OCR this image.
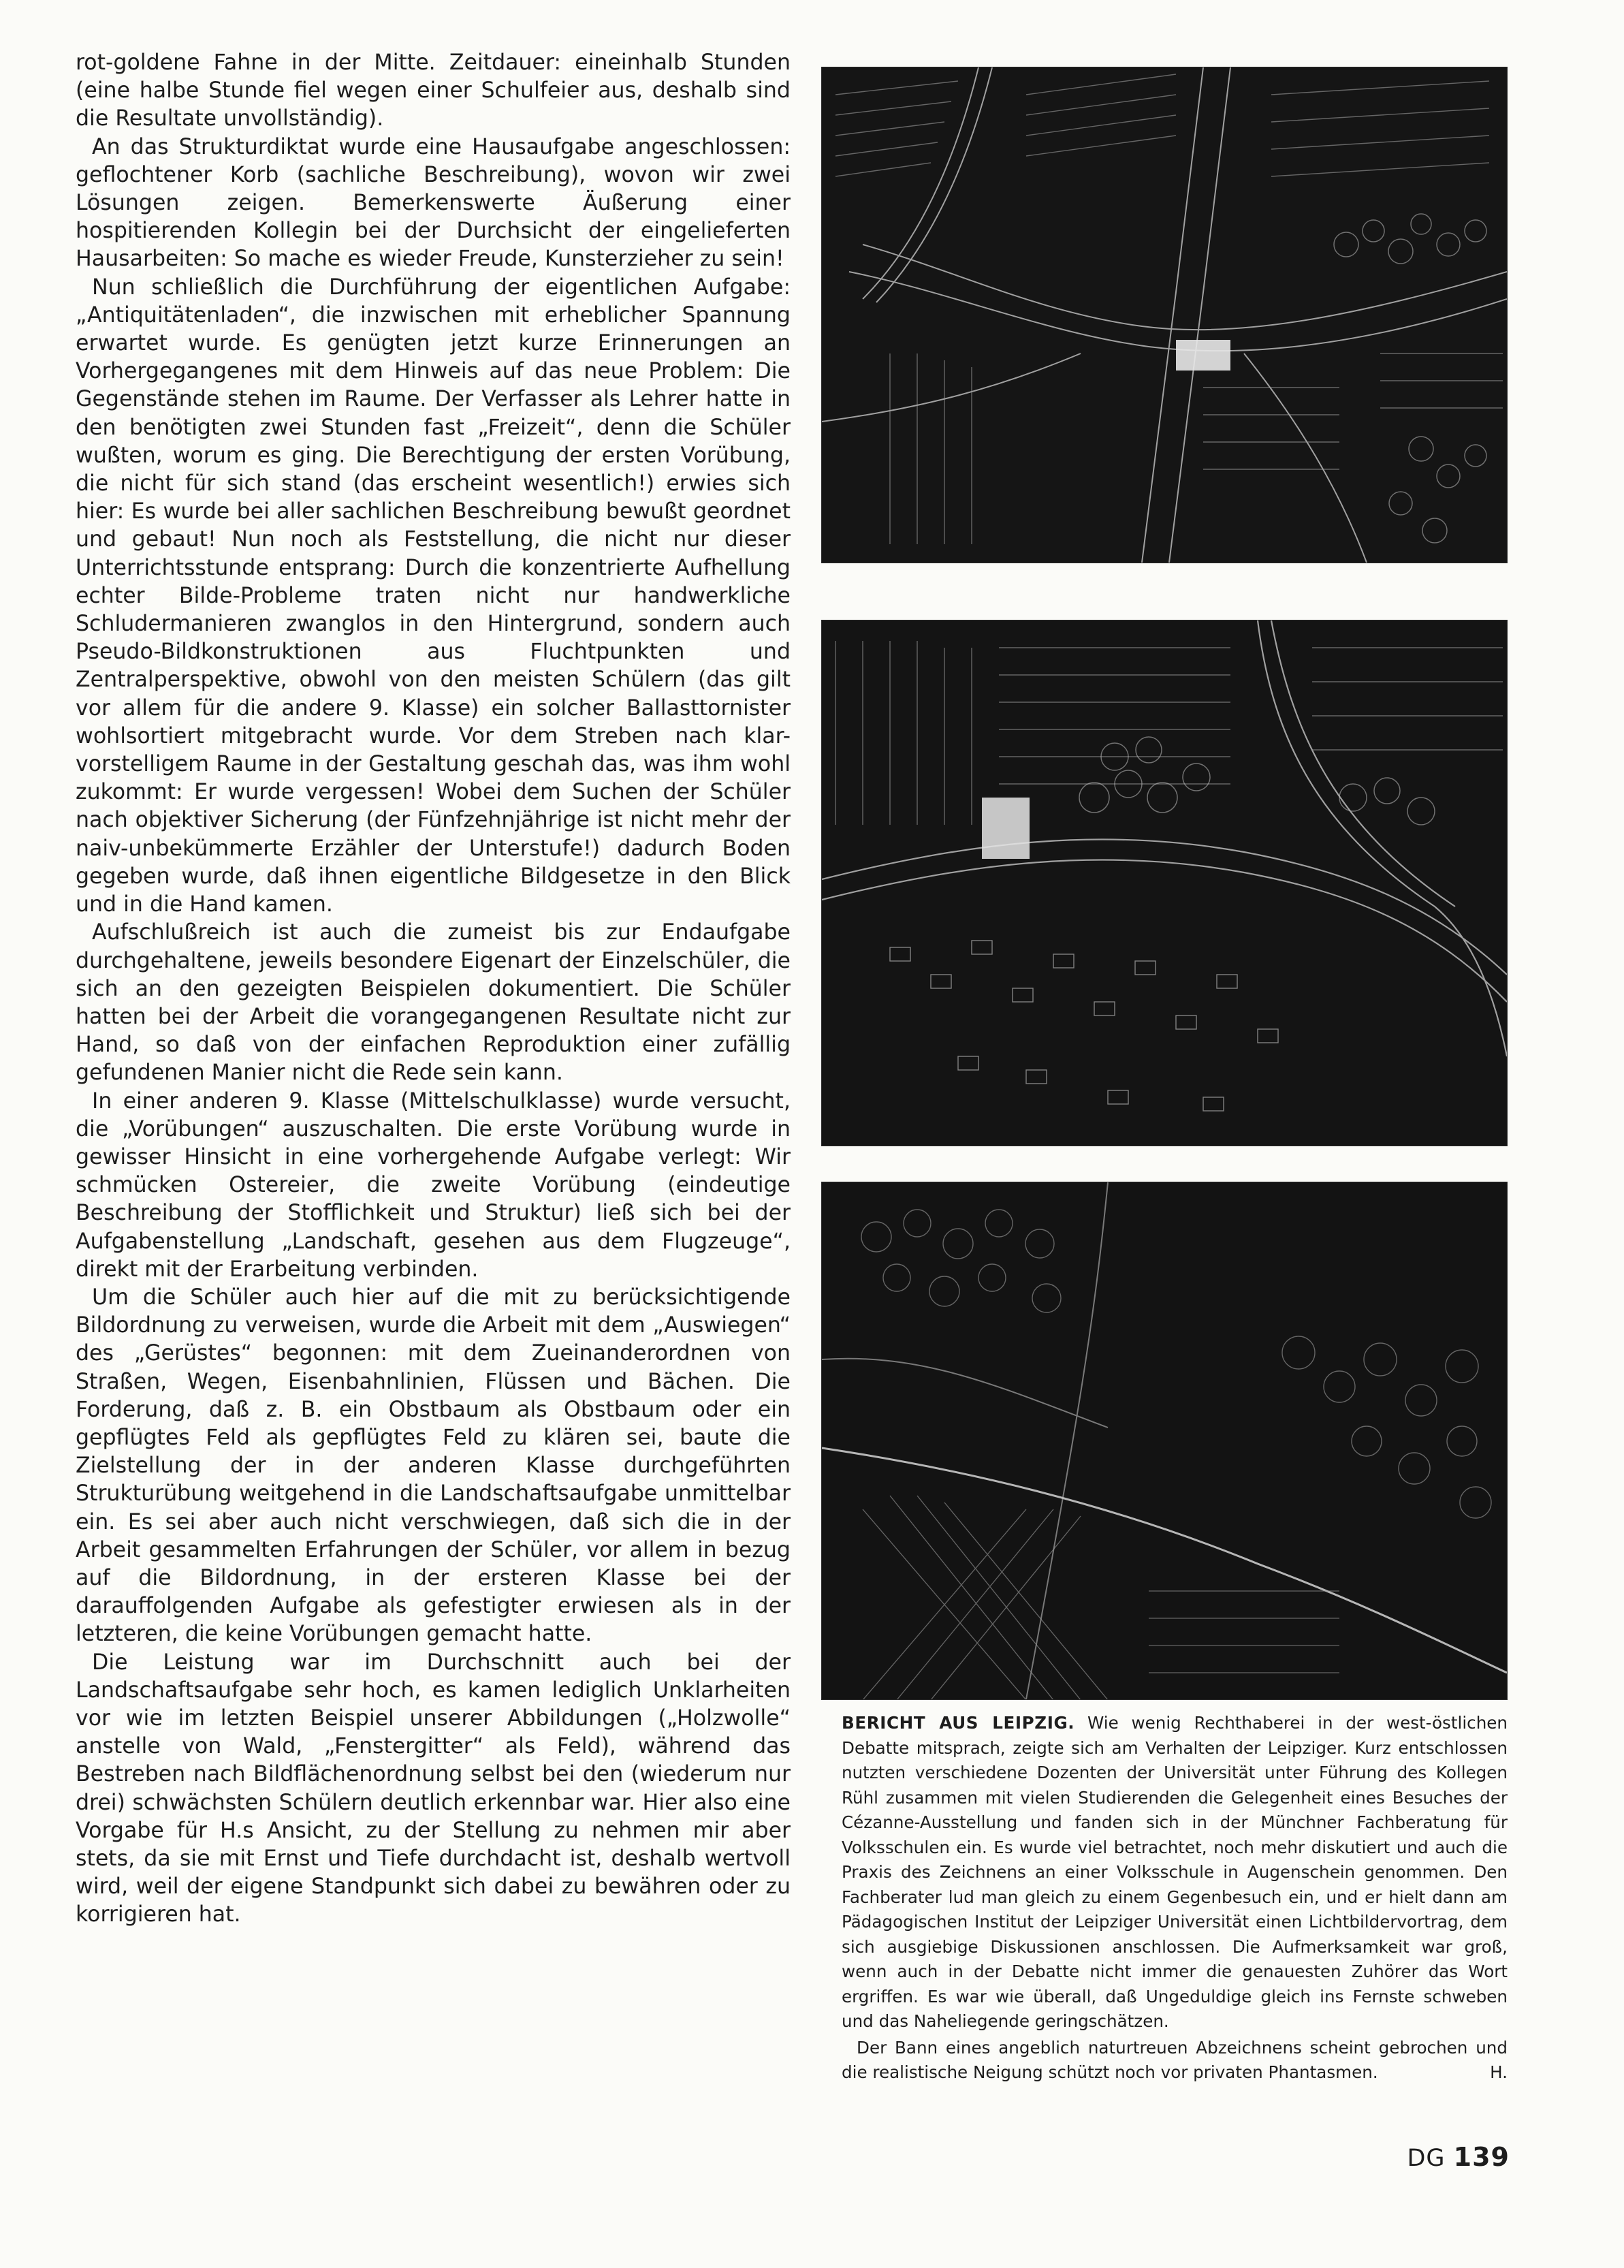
rot-goldene Fahne in der Mitte. Zeitdauer: eineinhalb Stunden (eine halbe Stunde fiel wegen einer Schulfeier aus, deshalb sind die Resultate unvollständig).

An das Strukturdiktat wurde eine Hausaufgabe angeschlossen: geflochtener Korb (sachliche Beschreibung), wovon wir zwei Lösungen zeigen. Bemerkenswerte Äußerung einer hospitierenden Kollegin bei der Durchsicht der eingelieferten Hausarbeiten: So mache es wieder Freude, Kunsterzieher zu sein!

Nun schließlich die Durchführung der eigentlichen Aufgabe: „Antiquitätenladen“, die inzwischen mit erheblicher Spannung erwartet wurde. Es genügten jetzt kurze Erinnerungen an Vorhergegangenes mit dem Hinweis auf das neue Problem: Die Gegenstände stehen im Raume. Der Verfasser als Lehrer hatte in den benötigten zwei Stunden fast „Freizeit“, denn die Schüler wußten, worum es ging. Die Berechtigung der ersten Vorübung, die nicht für sich stand (das erscheint wesentlich!) erwies sich hier: Es wurde bei aller sachlichen Beschreibung bewußt geordnet und gebaut! Nun noch als Feststellung, die nicht nur dieser Unterrichtsstunde entsprang: Durch die konzentrierte Aufhellung echter Bilde-Probleme traten nicht nur handwerkliche Schludermanieren zwanglos in den Hintergrund, sondern auch Pseudo-Bildkonstruktionen aus Fluchtpunkten und Zentralperspektive, obwohl von den meisten Schülern (das gilt vor allem für die andere 9. Klasse) ein solcher Ballasttornister wohlsortiert mitgebracht wurde. Vor dem Streben nach klar-vorstelligem Raume in der Gestaltung geschah das, was ihm wohl zukommt: Er wurde vergessen! Wobei dem Suchen der Schüler nach objektiver Sicherung (der Fünfzehnjährige ist nicht mehr der naiv-unbekümmerte Erzähler der Unterstufe!) dadurch Boden gegeben wurde, daß ihnen eigentliche Bildgesetze in den Blick und in die Hand kamen.

Aufschlußreich ist auch die zumeist bis zur Endaufgabe durchgehaltene, jeweils besondere Eigenart der Einzelschüler, die sich an den gezeigten Beispielen dokumentiert. Die Schüler hatten bei der Arbeit die vorangegangenen Resultate nicht zur Hand, so daß von der einfachen Reproduktion einer zufällig gefundenen Manier nicht die Rede sein kann.

In einer anderen 9. Klasse (Mittelschulklasse) wurde versucht, die „Vorübungen“ auszuschalten. Die erste Vorübung wurde in gewisser Hinsicht in eine vorhergehende Aufgabe verlegt: Wir schmücken Ostereier, die zweite Vorübung (eindeutige Beschreibung der Stofflichkeit und Struktur) ließ sich bei der Aufgabenstellung „Landschaft, gesehen aus dem Flugzeuge“, direkt mit der Erarbeitung verbinden.

Um die Schüler auch hier auf die mit zu berücksichtigende Bildordnung zu verweisen, wurde die Arbeit mit dem „Auswiegen“ des „Gerüstes“ begonnen: mit dem Zueinanderordnen von Straßen, Wegen, Eisenbahnlinien, Flüssen und Bächen. Die Forderung, daß z. B. ein Obstbaum als Obstbaum oder ein gepflügtes Feld als gepflügtes Feld zu klären sei, baute die Zielstellung der in der anderen Klasse durchgeführten Strukturübung weitgehend in die Landschaftsaufgabe unmittelbar ein. Es sei aber auch nicht verschwiegen, daß sich die in der Arbeit gesammelten Erfahrungen der Schüler, vor allem in bezug auf die Bildordnung, in der ersteren Klasse bei der darauffolgenden Aufgabe als gefestigter erwiesen als in der letzteren, die keine Vorübungen gemacht hatte.

Die Leistung war im Durchschnitt auch bei der Landschaftsaufgabe sehr hoch, es kamen lediglich Unklarheiten vor wie im letzten Beispiel unserer Abbildungen („Holzwolle“ anstelle von Wald, „Fenstergitter“ als Feld), während das Bestreben nach Bildflächenordnung selbst bei den (wiederum nur drei) schwächsten Schülern deutlich erkennbar war. Hier also eine Vorgabe für H.s Ansicht, zu der Stellung zu nehmen mir aber stets, da sie mit Ernst und Tiefe durchdacht ist, deshalb wertvoll wird, weil der eigene Standpunkt sich dabei zu bewähren oder zu korrigieren hat.

BERICHT AUS LEIPZIG. Wie wenig Rechthaberei in der west-östlichen Debatte mitsprach, zeigte sich am Verhalten der Leipziger. Kurz entschlossen nutzten verschiedene Dozenten der Universität unter Führung des Kollegen Rühl zusammen mit vielen Studierenden die Gelegenheit eines Besuches der Cézanne-Ausstellung und fanden sich in der Münchner Fachberatung für Volksschulen ein. Es wurde viel betrachtet, noch mehr diskutiert und auch die Praxis des Zeichnens an einer Volksschule in Augenschein genommen. Den Fachberater lud man gleich zu einem Gegenbesuch ein, und er hielt dann am Pädagogischen Institut der Leipziger Universität einen Lichtbildervortrag, dem sich ausgiebige Diskussionen anschlossen. Die Aufmerksamkeit war groß, wenn auch in der Debatte nicht immer die genauesten Zuhörer das Wort ergriffen. Es war wie überall, daß Ungeduldige gleich ins Fernste schweben und das Naheliegende geringschätzen.

Der Bann eines angeblich naturtreuen Abzeichnens scheint gebrochen und die realistische Neigung schützt noch vor privaten Phantasmen.	H.

DG 139
